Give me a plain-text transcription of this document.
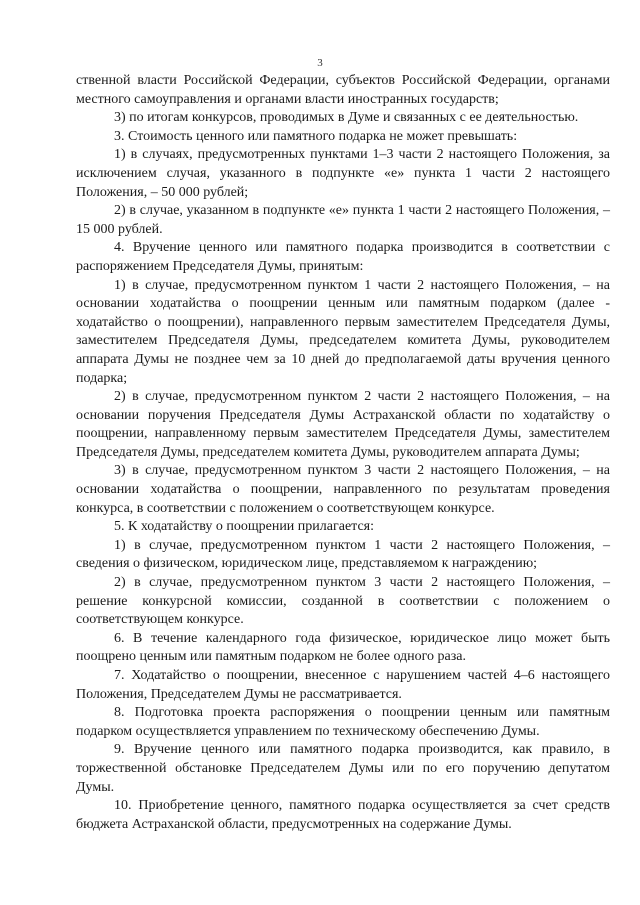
3

ственной власти Российской Федерации, субъектов Российской Федерации, органами местного самоуправления и органами власти иностранных государств;

3) по итогам конкурсов, проводимых в Думе и связанных с ее деятельностью.

3. Стоимость ценного или памятного подарка не может превышать:

1) в случаях, предусмотренных пунктами 1–3 части 2 настоящего Положения, за исключением случая, указанного в подпункте «е» пункта 1 части 2 настоящего Положения, – 50 000 рублей;

2) в случае, указанном в подпункте «е» пункта 1 части 2 настоящего Положения, – 15 000 рублей.

4. Вручение ценного или памятного подарка производится в соответствии с распоряжением Председателя Думы, принятым:

1) в случае, предусмотренном пунктом 1 части 2 настоящего Положения, – на основании ходатайства о поощрении ценным или памятным подарком (далее - ходатайство о поощрении), направленного первым заместителем Председателя Думы, заместителем Председателя Думы, председателем комитета Думы, руководителем аппарата Думы не позднее чем за 10 дней до предполагаемой даты вручения ценного подарка;

2) в случае, предусмотренном пунктом 2 части 2 настоящего Положения, – на основании поручения Председателя Думы Астраханской области по ходатайству о поощрении, направленному первым заместителем Председателя Думы, заместителем Председателя Думы, председателем комитета Думы, руководителем аппарата Думы;

3) в случае, предусмотренном пунктом 3 части 2 настоящего Положения, – на основании ходатайства о поощрении, направленного по результатам проведения конкурса, в соответствии с положением о соответствующем конкурсе.

5. К ходатайству о поощрении прилагается:

1) в случае, предусмотренном пунктом 1 части 2 настоящего Положения, – сведения о физическом, юридическом лице, представляемом к награждению;

2) в случае, предусмотренном пунктом 3 части 2 настоящего Положения, – решение конкурсной комиссии, созданной в соответствии с положением о соответствующем конкурсе.

6. В течение календарного года физическое, юридическое лицо может быть поощрено ценным или памятным подарком не более одного раза.

7. Ходатайство о поощрении, внесенное с нарушением частей 4–6 настоящего Положения, Председателем Думы не рассматривается.

8. Подготовка проекта распоряжения о поощрении ценным или памятным подарком осуществляется управлением по техническому обеспечению Думы.

9. Вручение ценного или памятного подарка производится, как правило, в торжественной обстановке Председателем Думы или по его поручению депутатом Думы.

10. Приобретение ценного, памятного подарка осуществляется за счет средств бюджета Астраханской области, предусмотренных на содержание Думы.
